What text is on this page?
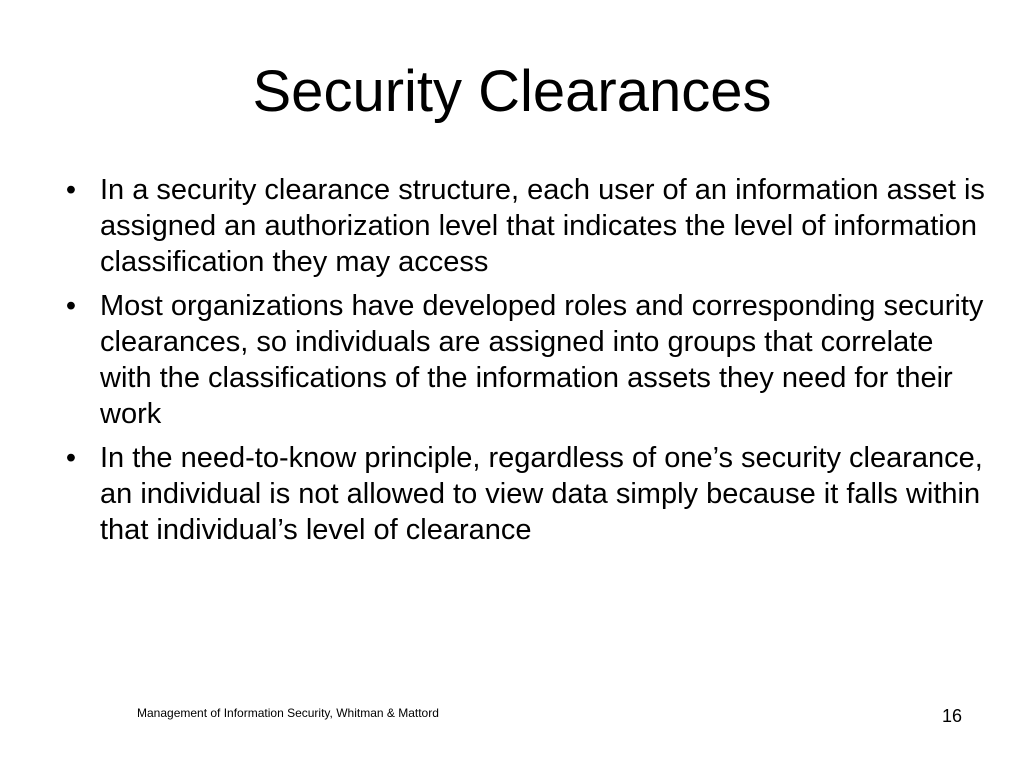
Security Clearances
• In a security clearance structure, each user of an information asset is assigned an authorization level that indicates the level of information classification they may access
• Most organizations have developed roles and corresponding security clearances, so individuals are assigned into groups that correlate with the classifications of the information assets they need for their work
• In the need-to-know principle, regardless of one’s security clearance, an individual is not allowed to view data simply because it falls within that individual’s level of clearance
Management of Information Security, Whitman & Mattord	16
